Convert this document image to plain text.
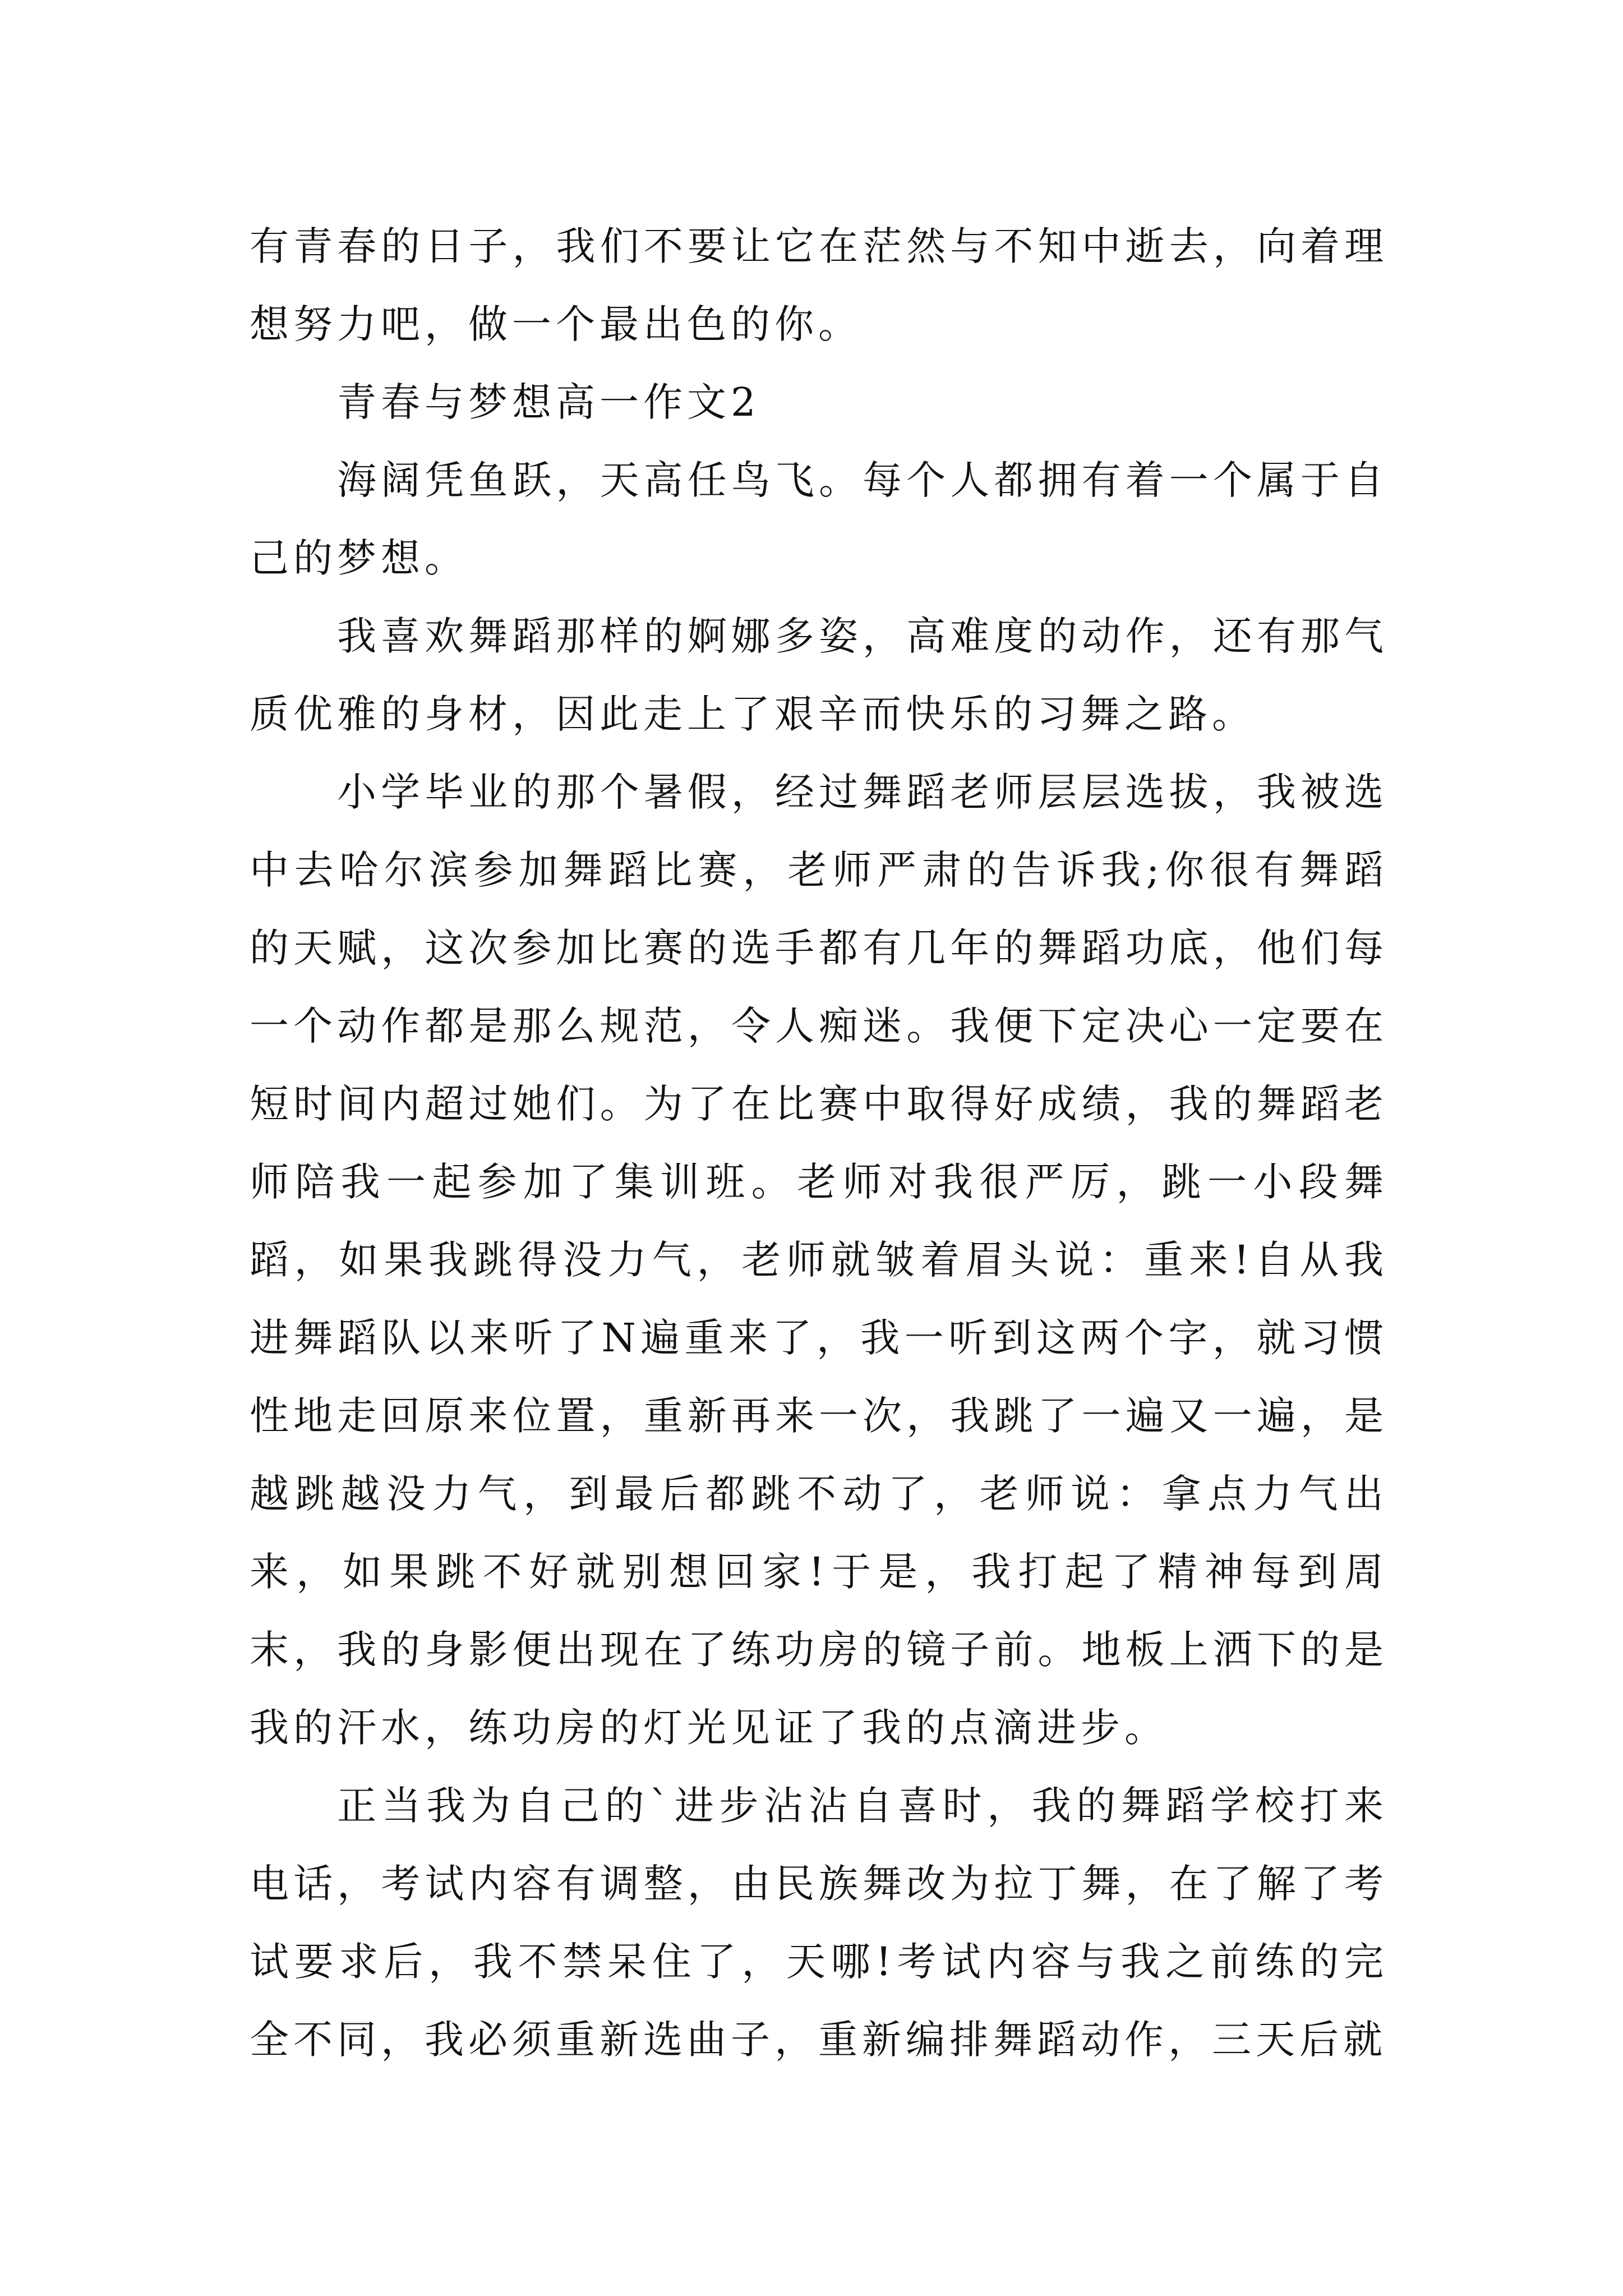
有青春的日子，我们不要让它在茫然与不知中逝去，向着理想努力吧，做一个最出色的你。

青春与梦想高一作文2

海阔凭鱼跃，天高任鸟飞。每个人都拥有着一个属于自己的梦想。

我喜欢舞蹈那样的婀娜多姿，高难度的动作，还有那气质优雅的身材，因此走上了艰辛而快乐的习舞之路。

小学毕业的那个暑假，经过舞蹈老师层层选拔，我被选中去哈尔滨参加舞蹈比赛，老师严肃的告诉我;你很有舞蹈的天赋，这次参加比赛的选手都有几年的舞蹈功底，他们每一个动作都是那么规范，令人痴迷。我便下定决心一定要在短时间内超过她们。为了在比赛中取得好成绩，我的舞蹈老师陪我一起参加了集训班。老师对我很严厉，跳一小段舞蹈，如果我跳得没力气，老师就皱着眉头说：重来!自从我进舞蹈队以来听了N遍重来了，我一听到这两个字，就习惯性地走回原来位置，重新再来一次，我跳了一遍又一遍，是越跳越没力气，到最后都跳不动了，老师说：拿点力气出来，如果跳不好就别想回家!于是，我打起了精神每到周末，我的身影便出现在了练功房的镜子前。地板上洒下的是我的汗水，练功房的灯光见证了我的点滴进步。

正当我为自己的`进步沾沾自喜时，我的舞蹈学校打来电话，考试内容有调整，由民族舞改为拉丁舞，在了解了考试要求后，我不禁呆住了，天哪!考试内容与我之前练的完全不同，我必须重新选曲子，重新编排舞蹈动作，三天后就
